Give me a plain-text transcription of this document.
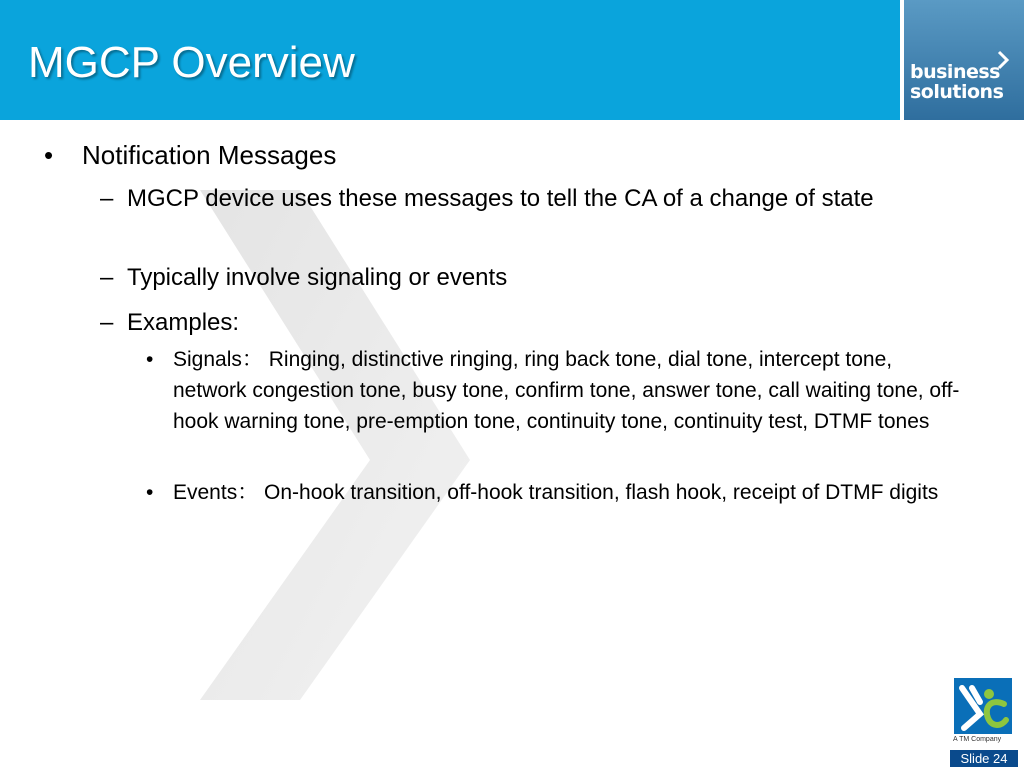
MGCP Overview	business
solutions
• Notification Messages
– MGCP device uses these messages to tell the CA of a change of state
– Typically involve signaling or events
– Examples:
• Signals： Ringing, distinctive ringing, ring back tone, dial tone, intercept tone, network congestion tone, busy tone, confirm tone, answer tone, call waiting tone, off-hook warning tone, pre-emption tone, continuity tone, continuity test, DTMF tones
• Events： On-hook transition, off-hook transition, flash hook, receipt of DTMF digits
A TM Company
Slide 24
